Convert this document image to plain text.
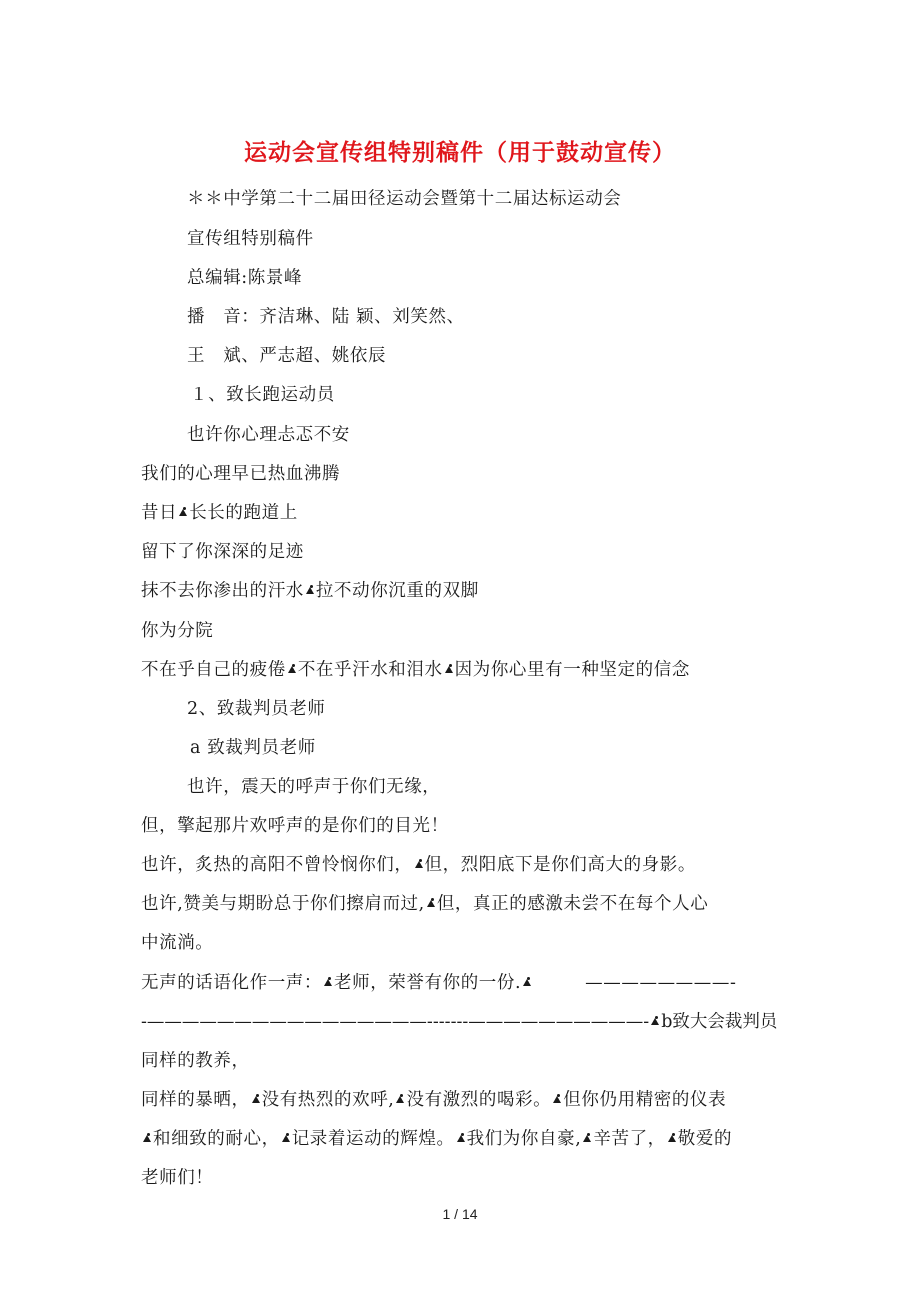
运动会宣传组特别稿件（用于鼓动宣传）
＊＊中学第二十二届田径运动会暨第十二届达标运动会
宣传组特别稿件
总编辑:陈景峰
播　音：齐洁琳、陆 颖、刘笑然、
王　斌、严志超、姚依辰
１、致长跑运动员
也许你心理忐忑不安
我们的心理早已热血沸腾
昔日 长长的跑道上
留下了你深深的足迹
抹不去你渗出的汗水 拉不动你沉重的双脚
你为分院
不在乎自己的疲倦 不在乎汗水和泪水 因为你心里有一种坚定的信念
2、致裁判员老师
a 致裁判员老师
也许，震天的呼声于你们无缘，
但，擎起那片欢呼声的是你们的目光！
也许，炙热的高阳不曾怜悯你们， 但，烈阳底下是你们高大的身影。
也许,赞美与期盼总于你们擦肩而过, 但，真正的感激未尝不在每个人心
中流淌。
无声的话语化作一声： 老师，荣誉有你的一份.	————————-
-————————————————-------——————————- b致大会裁判员
同样的教养，
同样的暴晒， 没有热烈的欢呼, 没有激烈的喝彩。 但你仍用精密的仪表
和细致的耐心， 记录着运动的辉煌。 我们为你自豪, 辛苦了， 敬爱的
老师们！
1 / 14
